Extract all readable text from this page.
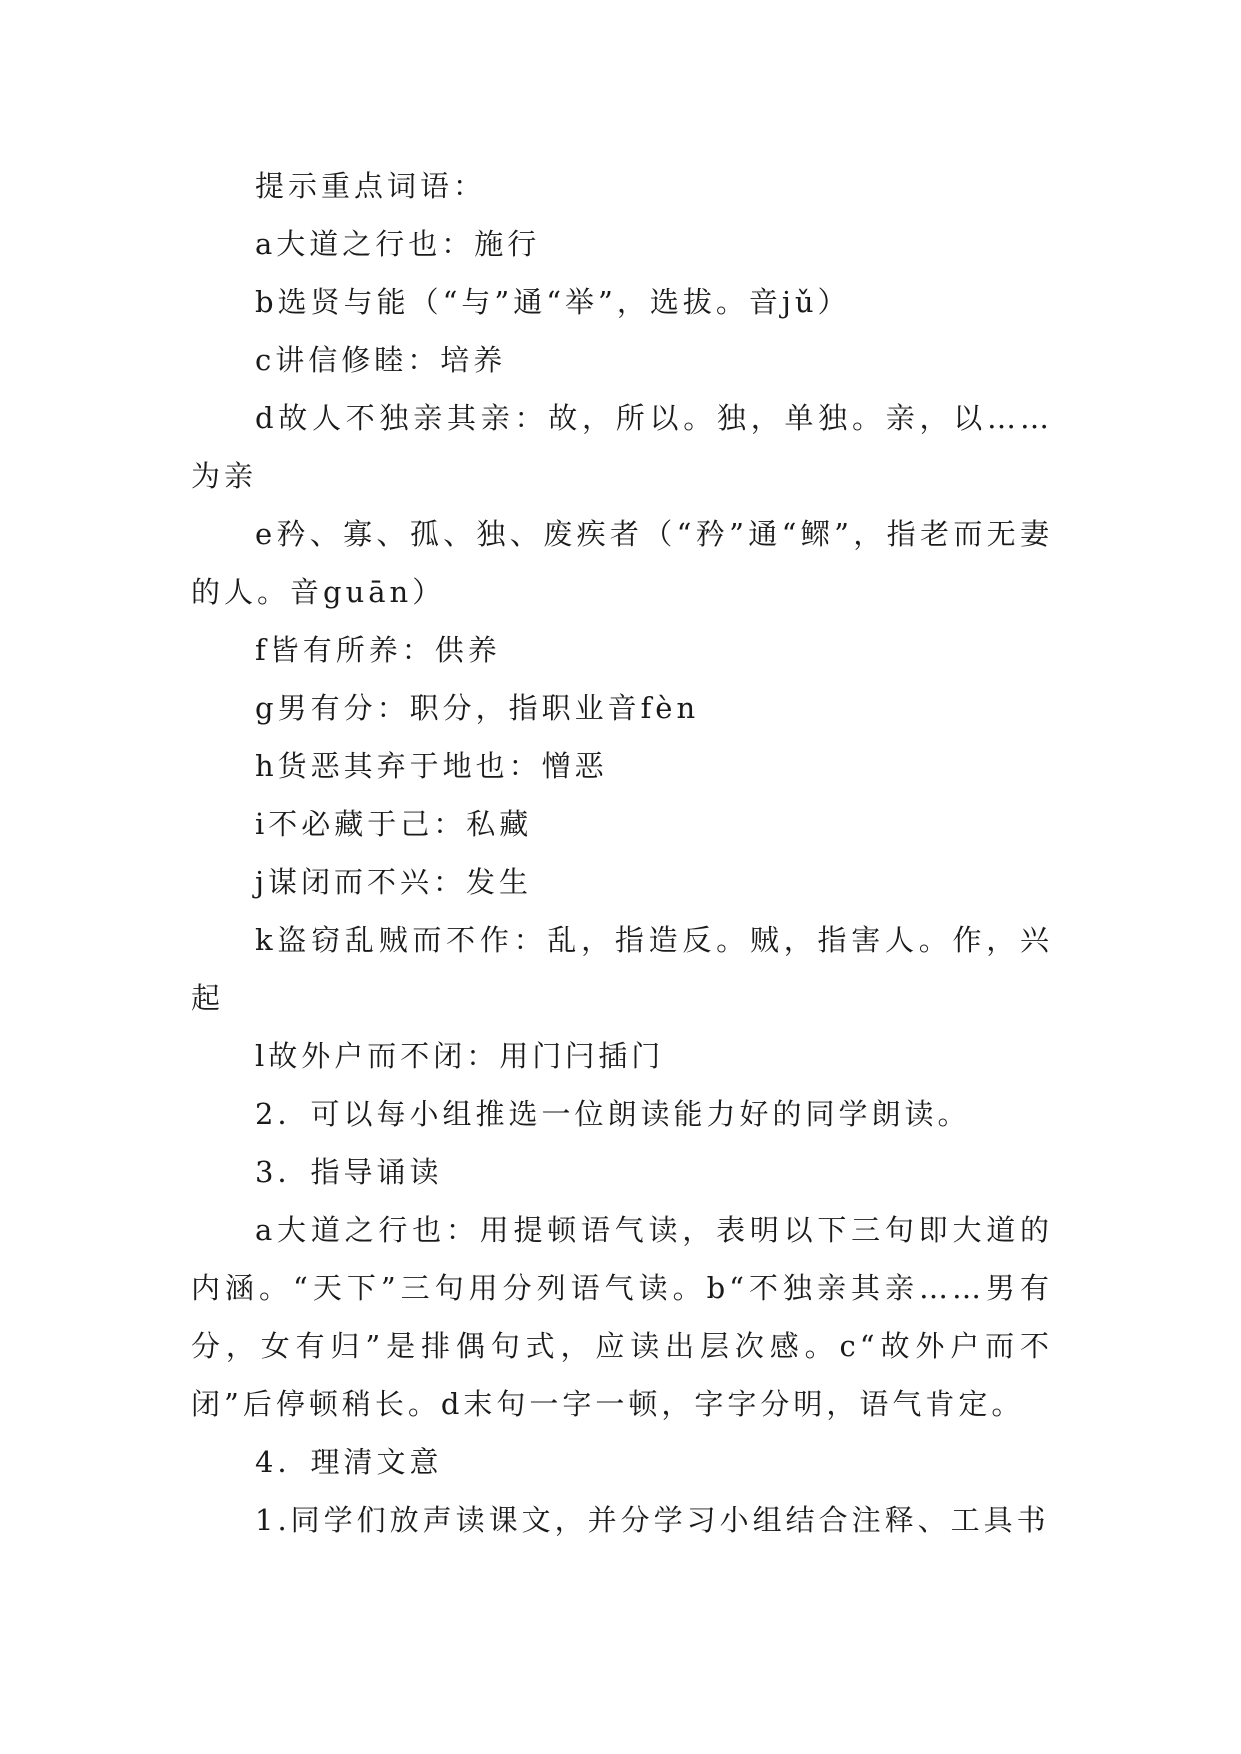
提示重点词语：

a大道之行也：施行

b选贤与能（“与”通“举”，选拔。音jǔ）

c讲信修睦：培养

d故人不独亲其亲：故，所以。独，单独。亲，以……为亲

e矜、寡、孤、独、废疾者（“矜”通“鳏”，指老而无妻的人。音guān）

f皆有所养：供养

g男有分：职分，指职业音fèn

h货恶其弃于地也：憎恶

i不必藏于己：私藏

j谋闭而不兴：发生

k盗窃乱贼而不作：乱，指造反。贼，指害人。作，兴起

l故外户而不闭：用门闩插门

2．可以每小组推选一位朗读能力好的同学朗读。

3．指导诵读

a大道之行也：用提顿语气读，表明以下三句即大道的内涵。“天下”三句用分列语气读。b“不独亲其亲……男有分，女有归”是排偶句式，应读出层次感。c“故外户而不闭”后停顿稍长。d末句一字一顿，字字分明，语气肯定。

4．理清文意

1.同学们放声读课文，并分学习小组结合注释、工具书
